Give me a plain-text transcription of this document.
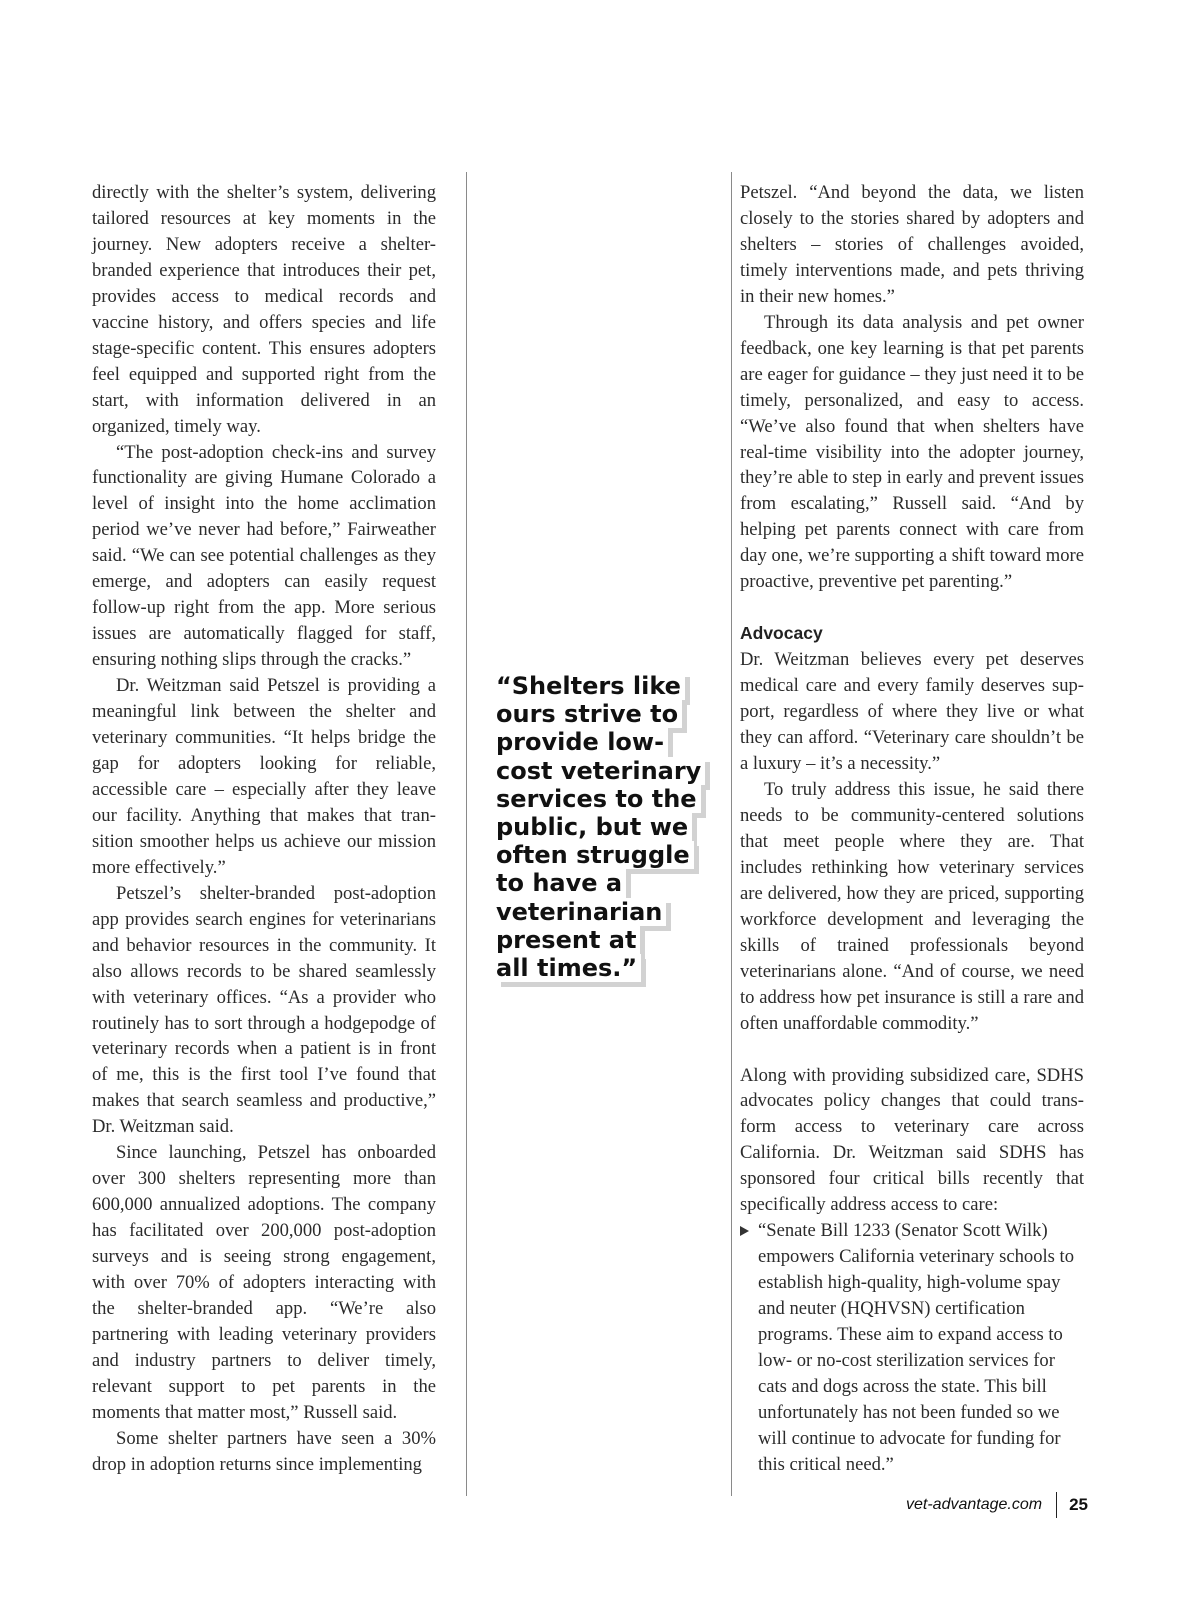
directly with the shelter’s system, delivering tailored resources at key moments in the journey. New adopters receive a shelter-branded experience that introduces their pet, provides access to medical records and vaccine history, and offers species and life stage-specific content. This ensures adopters feel equipped and supported right from the start, with information delivered in an organized, timely way.

“The post-adoption check-ins and survey functionality are giving Humane Colorado a level of insight into the home acclimation period we’ve never had before,” Fairweather said. “We can see potential challenges as they emerge, and adopters can easily request follow-up right from the app. More serious issues are automatically flagged for staff, ensuring nothing slips through the cracks.”

Dr. Weitzman said Petszel is providing a meaningful link between the shelter and veterinary communities. “It helps bridge the gap for adopters looking for reliable, accessible care – especially after they leave our facility. Anything that makes that transition smoother helps us achieve our mission more effectively.”

Petszel’s shelter-branded post-adoption app provides search engines for veterinarians and behavior resources in the community. It also allows records to be shared seamlessly with veterinary offices. “As a provider who routinely has to sort through a hodgepodge of veterinary records when a patient is in front of me, this is the first tool I’ve found that makes that search seamless and productive,” Dr. Weitzman said.

Since launching, Petszel has onboarded over 300 shelters representing more than 600,000 annualized adoptions. The company has facilitated over 200,000 post-adoption surveys and is seeing strong engagement, with over 70% of adopters interacting with the shelter-branded app. “We’re also partnering with leading veterinary providers and industry partners to deliver timely, relevant support to pet parents in the moments that matter most,” Russell said.

Some shelter partners have seen a 30% drop in adoption returns since implementing

“Shelters like
ours strive to
provide low-
cost veterinary
services to the
public, but we
often struggle
to have a
veterinarian
present at
all times.”

Petszel. “And beyond the data, we listen closely to the stories shared by adopters and shelters – stories of challenges avoided, timely interventions made, and pets thriving in their new homes.”

Through its data analysis and pet owner feedback, one key learning is that pet parents are eager for guidance – they just need it to be timely, personalized, and easy to access. “We’ve also found that when shelters have real-time visibility into the adopter journey, they’re able to step in early and prevent issues from escalating,” Russell said. “And by helping pet parents connect with care from day one, we’re supporting a shift toward more proactive, preventive pet parenting.”

Advocacy

Dr. Weitzman believes every pet deserves medical care and every family deserves support, regardless of where they live or what they can afford. “Veterinary care shouldn’t be a luxury – it’s a necessity.”

To truly address this issue, he said there needs to be community-centered solutions that meet people where they are. That includes rethinking how veterinary services are delivered, how they are priced, supporting workforce development and leveraging the skills of trained professionals beyond veterinarians alone. “And of course, we need to address how pet insurance is still a rare and often unaffordable commodity.”

Along with providing subsidized care, SDHS advocates policy changes that could transform access to veterinary care across California. Dr. Weitzman said SDHS has sponsored four critical bills recently that specifically address access to care:

“Senate Bill 1233 (Senator Scott Wilk) empowers California veterinary schools to establish high-quality, high-volume spay and neuter (HQHVSN) certification programs. These aim to expand access to low- or no-cost sterilization services for cats and dogs across the state. This bill unfortunately has not been funded so we will continue to advocate for funding for this critical need.”
vet-advantage.com 25
